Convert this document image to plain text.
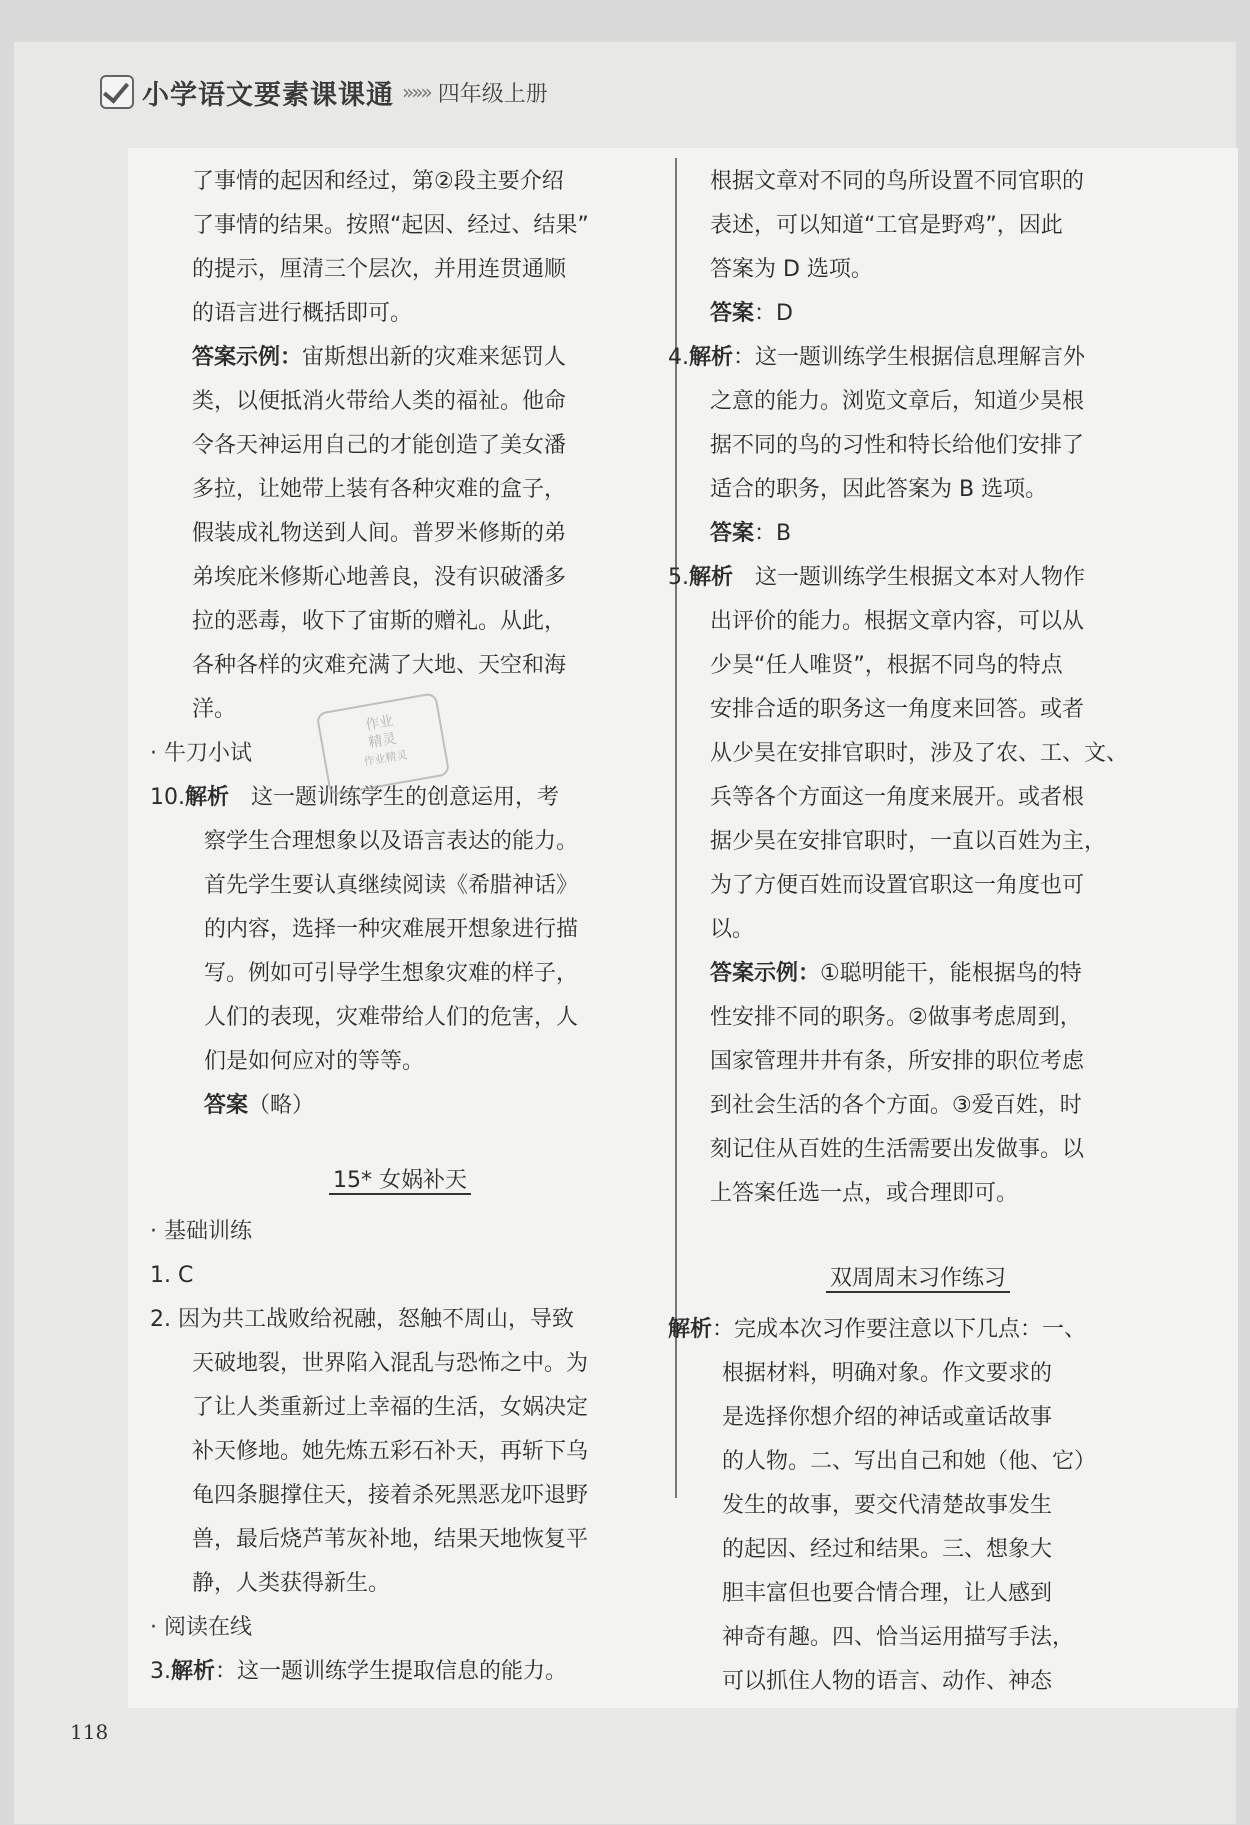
小学语文要素课课通 »»» 四年级上册
了事情的起因和经过，第②段主要介绍
了事情的结果。按照“起因、经过、结果”
的提示，厘清三个层次，并用连贯通顺
的语言进行概括即可。
答案示例：宙斯想出新的灾难来惩罚人
类，以便抵消火带给人类的福祉。他命
令各天神运用自己的才能创造了美女潘
多拉，让她带上装有各种灾难的盒子，
假装成礼物送到人间。普罗米修斯的弟
弟埃庇米修斯心地善良，没有识破潘多
拉的恶毒，收下了宙斯的赠礼。从此，
各种各样的灾难充满了大地、天空和海
洋。
· 牛刀小试
10.解析　这一题训练学生的创意运用，考
察学生合理想象以及语言表达的能力。
首先学生要认真继续阅读《希腊神话》
的内容，选择一种灾难展开想象进行描
写。例如可引导学生想象灾难的样子，
人们的表现，灾难带给人们的危害，人
们是如何应对的等等。
答案（略）
15* 女娲补天
· 基础训练
1. C
2. 因为共工战败给祝融，怒触不周山，导致
天破地裂，世界陷入混乱与恐怖之中。为
了让人类重新过上幸福的生活，女娲决定
补天修地。她先炼五彩石补天，再斩下乌
龟四条腿撑住天，接着杀死黑恶龙吓退野
兽，最后烧芦苇灰补地，结果天地恢复平
静，人类获得新生。
· 阅读在线
3.解析：这一题训练学生提取信息的能力。
根据文章对不同的鸟所设置不同官职的
表述，可以知道“工官是野鸡”，因此
答案为 D 选项。
答案：D
4.解析：这一题训练学生根据信息理解言外
之意的能力。浏览文章后，知道少昊根
据不同的鸟的习性和特长给他们安排了
适合的职务，因此答案为 B 选项。
答案：B
5.解析　这一题训练学生根据文本对人物作
出评价的能力。根据文章内容，可以从
少昊“任人唯贤”，根据不同鸟的特点
安排合适的职务这一角度来回答。或者
从少昊在安排官职时，涉及了农、工、文、
兵等各个方面这一角度来展开。或者根
据少昊在安排官职时，一直以百姓为主，
为了方便百姓而设置官职这一角度也可
以。
答案示例：①聪明能干，能根据鸟的特
性安排不同的职务。②做事考虑周到，
国家管理井井有条，所安排的职位考虑
到社会生活的各个方面。③爱百姓，时
刻记住从百姓的生活需要出发做事。以
上答案任选一点，或合理即可。
双周周末习作练习
解析：完成本次习作要注意以下几点：一、
根据材料，明确对象。作文要求的
是选择你想介绍的神话或童话故事
的人物。二、写出自己和她（他、它）
发生的故事，要交代清楚故事发生
的起因、经过和结果。三、想象大
胆丰富但也要合情合理，让人感到
神奇有趣。四、恰当运用描写手法，
可以抓住人物的语言、动作、神态
作业
精灵
作业精灵
118
